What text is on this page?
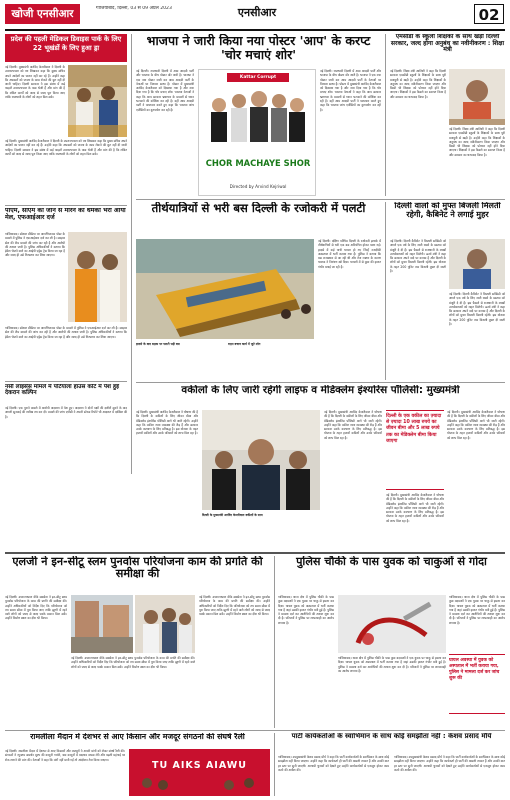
खोजी एनसीआर	गाजियाबाद, दिल्ली, 03 से 09 अप्रैल 2023	एनसीआर	02
प्रदेश की पहली मेडिकल डिवाइस पार्क के लिए 22 भूखंडों के लिए हुआ ड्रा
नई दिल्ली। मुख्यमंत्री अरविंद केजरीवाल ने दिल्ली के उपराज्यपाल को पत्र लिखकर कहा कि मुख्य सचिव अपने आदेशों का पालन नहीं कर रहे हैं। उन्होंने कहा कि अफसरों को जनता के काम रोकने की छूट नहीं दी जानी चाहिए। दिल्ली सरकार ने इस संबंध में कई फाइलें उपराज्यपाल के पास भेजी हैं और मांग की है कि लंबित कार्यों को जल्द से जल्द पूरा किया जाए ताकि राजधानी के लोगों को राहत मिल सके।
नई दिल्ली। मुख्यमंत्री अरविंद केजरीवाल ने दिल्ली के उपराज्यपाल को पत्र लिखकर कहा कि मुख्य सचिव अपने आदेशों का पालन नहीं कर रहे हैं। उन्होंने कहा कि अफसरों को जनता के काम रोकने की छूट नहीं दी जानी चाहिए। दिल्ली सरकार ने इस संबंध में कई फाइलें उपराज्यपाल के पास भेजी हैं और मांग की है कि लंबित कार्यों को जल्द से जल्द पूरा किया जाए ताकि राजधानी के लोगों को राहत मिल सके।
पीएम, सीएम को जान से मारने की धमकी भरा आया मेल, एफआईआर दर्ज
गाजियाबाद। सोशल मीडिया पर आपत्तिजनक पोस्ट के मामले में पुलिस ने एफआईआर दर्ज कर ली है। साइबर सेल की टीम मामले की जांच कर रही है और आरोपी की तलाश जारी है। पुलिस अधिकारियों ने बताया कि ईमेल भेजने वाले का आईपी एड्रेस ट्रेस किया जा रहा है और जल्द ही उसे गिरफ्तार कर लिया जाएगा।
गाजियाबाद। सोशल मीडिया पर आपत्तिजनक पोस्ट के मामले में पुलिस ने एफआईआर दर्ज कर ली है। साइबर सेल की टीम मामले की जांच कर रही है और आरोपी की तलाश जारी है। पुलिस अधिकारियों ने बताया कि ईमेल भेजने वाले का आईपी एड्रेस ट्रेस किया जा रहा है और जल्द ही उसे गिरफ्तार कर लिया जाएगा।
नर्सी लाइसेंस मामले में पटियाला हाउस कोर्ट में पेश हुई देकरान कल्पिन
नई दिल्ली। एक पुराने मामले में आरोपी अदालत में पेश हुए। अदालत ने दोनों पक्षों की दलीलें सुनने के बाद अगली सुनवाई की तारीख तय कर दी। मामले की जांच एजेंसी ने अपनी स्टेटस रिपोर्ट भी अदालत में दाखिल की है।
भाजपा ने जारी किया नया पोस्टर 'आप' के करप्ट 'चोर मचाएं शोर'
नई दिल्ली। राजधानी दिल्ली में आम आदमी पार्टी और भाजपा के बीच पोस्टर वॉर जारी है। भाजपा ने एक नया पोस्टर जारी कर आम आदमी पार्टी के नेताओं पर निशाना साधा है। पोस्टर में मुख्यमंत्री अरविंद केजरीवाल को दिखाया गया है और नारा दिया गया है कि चोर मचाए शोर। भाजपा नेताओं ने कहा कि आप सरकार भ्रष्टाचार के मामलों से ध्यान भटकाने की कोशिश कर रही है। वहीं आम आदमी पार्टी ने पलटवार करते हुए कहा कि भाजपा जांच एजेंसियों का दुरुपयोग कर रही है।
Kattar Corrupt
CHOR MACHAYE SHOR
Directed by Arvind Kejriwal
नई दिल्ली। राजधानी दिल्ली में आम आदमी पार्टी और भाजपा के बीच पोस्टर वॉर जारी है। भाजपा ने एक नया पोस्टर जारी कर आम आदमी पार्टी के नेताओं पर निशाना साधा है। पोस्टर में मुख्यमंत्री अरविंद केजरीवाल को दिखाया गया है और नारा दिया गया है कि चोर मचाए शोर। भाजपा नेताओं ने कहा कि आप सरकार भ्रष्टाचार के मामलों से ध्यान भटकाने की कोशिश कर रही है। वहीं आम आदमी पार्टी ने पलटवार करते हुए कहा कि भाजपा जांच एजेंसियों का दुरुपयोग कर रही है।
एमसीडी के स्कूली शिक्षकों के साथ खड़ी दिल्ली सरकार, जल्द होगा अनुबंध का नवीनीकरण : शिक्षा मंत्री
नई दिल्ली। शिक्षा मंत्री आतिशी ने कहा कि दिल्ली सरकार एमसीडी स्कूलों के शिक्षकों के साथ पूरी मजबूती से खड़ी है। उन्होंने कहा कि शिक्षकों के अनुबंध का जल्द नवीनीकरण किया जाएगा और किसी भी शिक्षक को परेशान नहीं होने दिया जाएगा। शिक्षकों ने इस फैसले का स्वागत किया है और सरकार का धन्यवाद किया है।
नई दिल्ली। शिक्षा मंत्री आतिशी ने कहा कि दिल्ली सरकार एमसीडी स्कूलों के शिक्षकों के साथ पूरी मजबूती से खड़ी है। उन्होंने कहा कि शिक्षकों के अनुबंध का जल्द नवीनीकरण किया जाएगा और किसी भी शिक्षक को परेशान नहीं होने दिया जाएगा। शिक्षकों ने इस फैसले का स्वागत किया है और सरकार का धन्यवाद किया है।
तीर्थयात्रियों से भरी बस दिल्ली के रजोकरी में पलटी
नई दिल्ली। दक्षिण पश्चिम दिल्ली के रजोकरी इलाके में तीर्थयात्रियों से भरी एक बस अनियंत्रित होकर पलट गई। हादसे में कई यात्री घायल हो गए जिन्हें नजदीकी अस्पताल में भर्ती कराया गया है। पुलिस ने बताया कि बस राजस्थान से आ रही थी और तेज रफ्तार के कारण चालक ने नियंत्रण खो दिया। घायलों में से कुछ की हालत गंभीर बताई जा रही है।
हादसे के बाद सड़क पर पलटी पड़ी बस	राहत बचाव कार्य में जुटे लोग
दिल्ली वालों को मुफ्त बिजली मिलती रहेगी, कैबिनेट ने लगाई मुहर
नई दिल्ली। दिल्ली कैबिनेट ने बिजली सब्सिडी को अगले एक वर्ष के लिए जारी रखने के प्रस्ताव को मंजूरी दे दी है। इस फैसले से राजधानी के लाखों उपभोक्ताओं को राहत मिलेगी। ऊर्जा मंत्री ने कहा कि सरकार अपने वादे पर कायम है और दिल्ली के लोगों को मुफ्त बिजली मिलती रहेगी। इस योजना के तहत 200 यूनिट तक बिजली मुफ्त दी जाती है।
नई दिल्ली। दिल्ली कैबिनेट ने बिजली सब्सिडी को अगले एक वर्ष के लिए जारी रखने के प्रस्ताव को मंजूरी दे दी है। इस फैसले से राजधानी के लाखों उपभोक्ताओं को राहत मिलेगी। ऊर्जा मंत्री ने कहा कि सरकार अपने वादे पर कायम है और दिल्ली के लोगों को मुफ्त बिजली मिलती रहेगी। इस योजना के तहत 200 यूनिट तक बिजली मुफ्त दी जाती है।
वकीलों के लिए जारी रहेगी लाइफ व मेडिक्लेम इंश्योरेंस पॉलिसी: मुख्यमंत्री
नई दिल्ली। मुख्यमंत्री अरविंद केजरीवाल ने घोषणा की है कि दिल्ली के वकीलों के लिए जीवन बीमा और मेडिक्लेम इंश्योरेंस पॉलिसी आगे भी जारी रहेगी। उन्होंने कहा कि वकील न्याय व्यवस्था की रीढ़ हैं और सरकार उनके कल्याण के लिए प्रतिबद्ध है। इस योजना के तहत हजारों वकीलों और उनके परिवारों को लाभ मिल रहा है।
दिल्ली के मुख्यमंत्री अरविंद केजरीवाल वकीलों के साथ
नई दिल्ली। मुख्यमंत्री अरविंद केजरीवाल ने घोषणा की है कि दिल्ली के वकीलों के लिए जीवन बीमा और मेडिक्लेम इंश्योरेंस पॉलिसी आगे भी जारी रहेगी। उन्होंने कहा कि वकील न्याय व्यवस्था की रीढ़ हैं और सरकार उनके कल्याण के लिए प्रतिबद्ध है। इस योजना के तहत हजारों वकीलों और उनके परिवारों को लाभ मिल रहा है।
दिल्ली के एक वकील का ज़्यादा से ज़्यादा 10 लाख रुपये का जीवन बीमा और 5 लाख रुपये तक का मेडिक्लेम बीमा किया जाएगा
नई दिल्ली। मुख्यमंत्री अरविंद केजरीवाल ने घोषणा की है कि दिल्ली के वकीलों के लिए जीवन बीमा और मेडिक्लेम इंश्योरेंस पॉलिसी आगे भी जारी रहेगी। उन्होंने कहा कि वकील न्याय व्यवस्था की रीढ़ हैं और सरकार उनके कल्याण के लिए प्रतिबद्ध है। इस योजना के तहत हजारों वकीलों और उनके परिवारों को लाभ मिल रहा है।
नई दिल्ली। मुख्यमंत्री अरविंद केजरीवाल ने घोषणा की है कि दिल्ली के वकीलों के लिए जीवन बीमा और मेडिक्लेम इंश्योरेंस पॉलिसी आगे भी जारी रहेगी। उन्होंने कहा कि वकील न्याय व्यवस्था की रीढ़ हैं और सरकार उनके कल्याण के लिए प्रतिबद्ध है। इस योजना के तहत हजारों वकीलों और उनके परिवारों को लाभ मिल रहा है।
एलजी ने इन-सीटू स्लम पुनर्वास परियोजना काम की प्रगति की समीक्षा की
नई दिल्ली। उपराज्यपाल वीके सक्सेना ने इन-सीटू स्लम पुनर्वास परियोजना के काम की प्रगति की समीक्षा की। उन्होंने अधिकारियों को निर्देश दिए कि परियोजना को तय समय सीमा में पूरा किया जाए ताकि झुग्गी में रहने वाले लोगों को जल्द से जल्द पक्के मकान मिल सकें। उन्होंने निर्माण स्थल का दौरा भी किया।
नई दिल्ली। उपराज्यपाल वीके सक्सेना ने इन-सीटू स्लम पुनर्वास परियोजना के काम की प्रगति की समीक्षा की। उन्होंने अधिकारियों को निर्देश दिए कि परियोजना को तय समय सीमा में पूरा किया जाए ताकि झुग्गी में रहने वाले लोगों को जल्द से जल्द पक्के मकान मिल सकें। उन्होंने निर्माण स्थल का दौरा भी किया।
नई दिल्ली। उपराज्यपाल वीके सक्सेना ने इन-सीटू स्लम पुनर्वास परियोजना के काम की प्रगति की समीक्षा की। उन्होंने अधिकारियों को निर्देश दिए कि परियोजना को तय समय सीमा में पूरा किया जाए ताकि झुग्गी में रहने वाले लोगों को जल्द से जल्द पक्के मकान मिल सकें। उन्होंने निर्माण स्थल का दौरा भी किया।
पुलिस चौकी के पास युवक को चाकुओं से गोदा
गाजियाबाद। थाना क्षेत्र में पुलिस चौकी के पास कुछ बदमाशों ने एक युवक पर चाकू से हमला कर दिया। घायल युवक को अस्पताल में भर्ती कराया गया है जहां उसकी हालत गंभीर बनी हुई है। पुलिस ने मामला दर्ज कर आरोपियों की तलाश शुरू कर दी है। परिजनों ने पुलिस पर लापरवाही का आरोप लगाया है।
गाजियाबाद। थाना क्षेत्र में पुलिस चौकी के पास कुछ बदमाशों ने एक युवक पर चाकू से हमला कर दिया। घायल युवक को अस्पताल में भर्ती कराया गया है जहां उसकी हालत गंभीर बनी हुई है। पुलिस ने मामला दर्ज कर आरोपियों की तलाश शुरू कर दी है। परिजनों ने पुलिस पर लापरवाही का आरोप लगाया है।
गाजियाबाद। थाना क्षेत्र में पुलिस चौकी के पास कुछ बदमाशों ने एक युवक पर चाकू से हमला कर दिया। घायल युवक को अस्पताल में भर्ती कराया गया है जहां उसकी हालत गंभीर बनी हुई है। पुलिस ने मामला दर्ज कर आरोपियों की तलाश शुरू कर दी है। परिजनों ने पुलिस पर लापरवाही का आरोप लगाया है।
घायल अवस्था में युवक को अस्पताल में भर्ती कराया गया, पुलिस ने मामला दर्ज कर जांच शुरू की
रामलीला मैदान में देशभर से आए किसान और मजदूर संगठनों की संघर्ष रैली
नई दिल्ली। रामलीला मैदान में देशभर से आए किसानों और मजदूरों ने अपनी मांगों को लेकर संघर्ष रैली की। संगठनों ने न्यूनतम समर्थन मूल्य की कानूनी गारंटी, श्रम कानूनों में बदलाव वापस लेने और बढ़ती महंगाई पर रोक लगाने की मांग की। नेताओं ने कहा कि मांगें नहीं मानी गईं तो आंदोलन तेज किया जाएगा।
TU AIKS AIAWU
पार्टी कार्यकर्ताओं के स्वाभिमान के साथ कोई समझौता नहीं : केशव प्रसाद मौर्य
गाजियाबाद। उपमुख्यमंत्री केशव प्रसाद मौर्य ने कहा कि पार्टी कार्यकर्ताओं के स्वाभिमान के साथ कोई समझौता नहीं किया जाएगा। उन्होंने कहा कि कार्यकर्ता ही पार्टी की असली ताकत हैं और उनकी बात हर स्तर पर सुनी जाएगी। आगामी चुनावों को देखते हुए उन्होंने कार्यकर्ताओं से एकजुट होकर काम करने की अपील की।
गाजियाबाद। उपमुख्यमंत्री केशव प्रसाद मौर्य ने कहा कि पार्टी कार्यकर्ताओं के स्वाभिमान के साथ कोई समझौता नहीं किया जाएगा। उन्होंने कहा कि कार्यकर्ता ही पार्टी की असली ताकत हैं और उनकी बात हर स्तर पर सुनी जाएगी। आगामी चुनावों को देखते हुए उन्होंने कार्यकर्ताओं से एकजुट होकर काम करने की अपील की।
